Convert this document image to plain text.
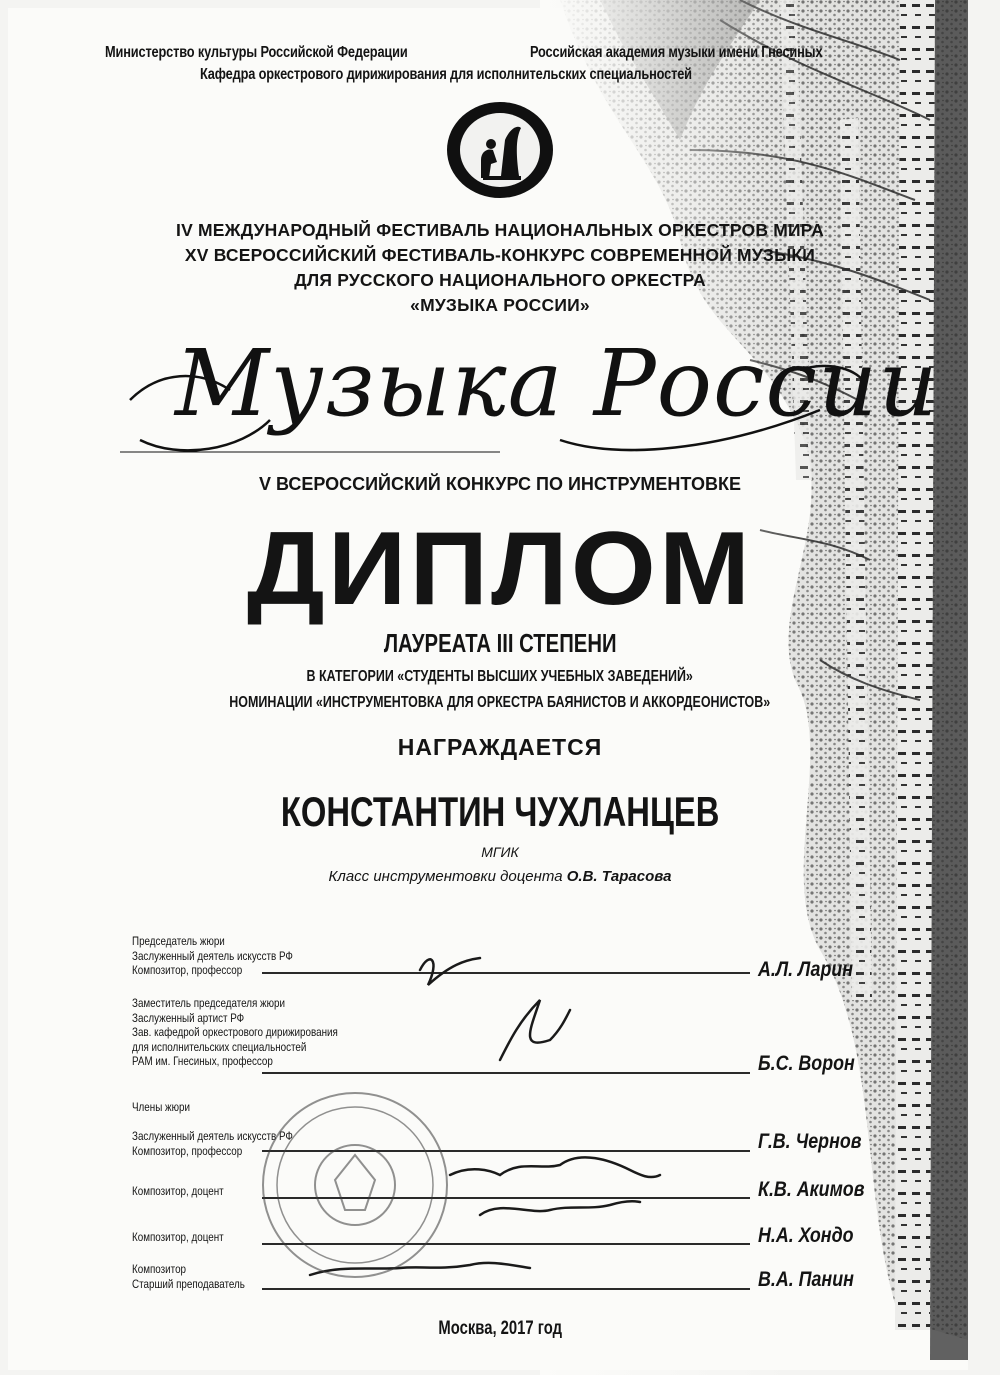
Министерство культуры Российской Федерации	Российская академия музыки имени Гнесиных
Кафедра оркестрового дирижирования для исполнительских специальностей
IV МЕЖДУНАРОДНЫЙ ФЕСТИВАЛЬ НАЦИОНАЛЬНЫХ ОРКЕСТРОВ МИРА
XV ВСЕРОССИЙСКИЙ ФЕСТИВАЛЬ-КОНКУРС СОВРЕМЕННОЙ МУЗЫКИ
ДЛЯ РУССКОГО НАЦИОНАЛЬНОГО ОРКЕСТРА
«МУЗЫКА РОССИИ»
Музыка России
V ВСЕРОССИЙСКИЙ КОНКУРС ПО ИНСТРУМЕНТОВКЕ
ДИПЛОМ
ЛАУРЕАТА III СТЕПЕНИ
В КАТЕГОРИИ «СТУДЕНТЫ ВЫСШИХ УЧЕБНЫХ ЗАВЕДЕНИЙ»
НОМИНАЦИИ «ИНСТРУМЕНТОВКА ДЛЯ ОРКЕСТРА БАЯНИСТОВ И АККОРДЕОНИСТОВ»
НАГРАЖДАЕТСЯ
КОНСТАНТИН ЧУХЛАНЦЕВ
МГИК
Класс инструментовки доцента О.В. Тарасова
Председатель жюри
Заслуженный деятель искусств РФ
Композитор, профессор	А.Л. Ларин
Заместитель председателя жюри
Заслуженный артист РФ
Зав. кафедрой оркестрового дирижирования
для исполнительских специальностей
РАМ им. Гнесиных, профессор	Б.С. Ворон
Члены жюри

Заслуженный деятель искусств РФ
Композитор, профессор	Г.В. Чернов
Композитор, доцент	К.В. Акимов
Композитор, доцент	Н.А. Хондо
Композитор
Старший преподаватель	В.А. Панин
Москва, 2017 год
